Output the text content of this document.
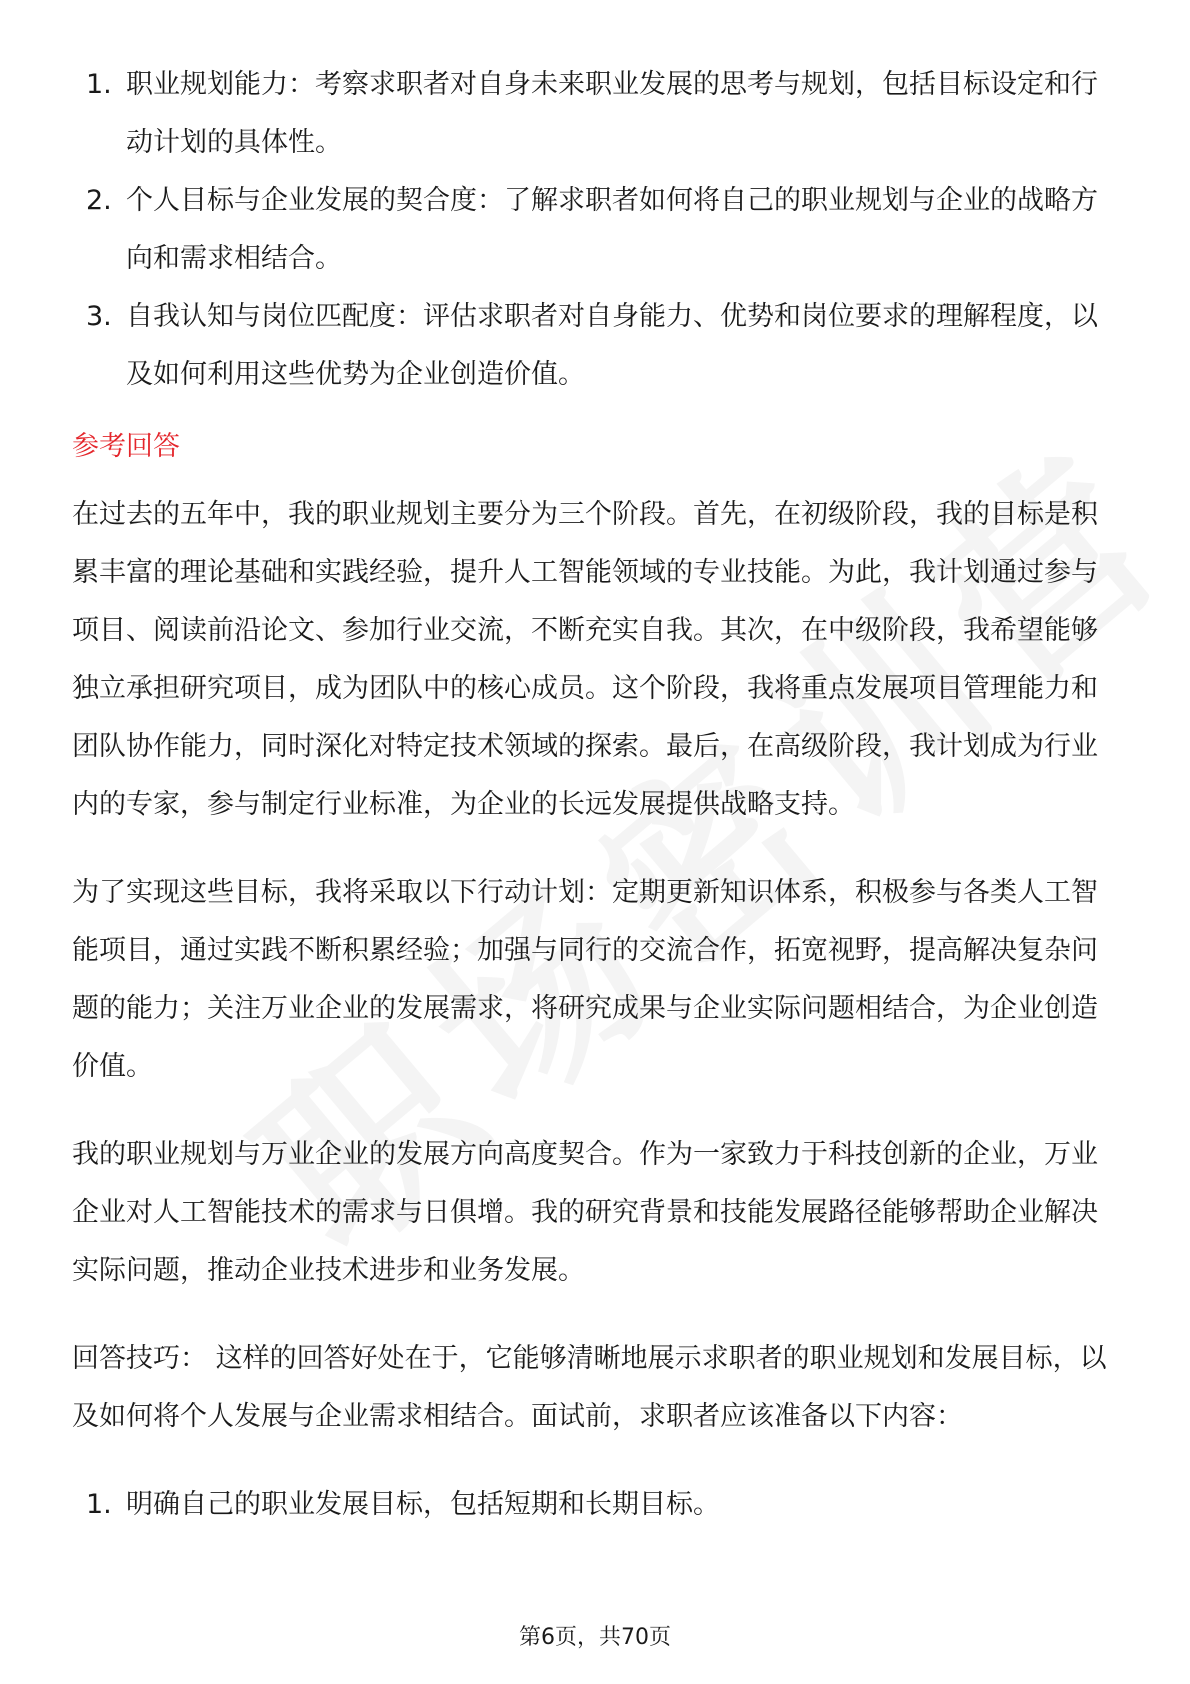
1. 职业规划能力：考察求职者对自身未来职业发展的思考与规划，包括目标设定和行动计划的具体性。
2. 个人目标与企业发展的契合度：了解求职者如何将自己的职业规划与企业的战略方向和需求相结合。
3. 自我认知与岗位匹配度：评估求职者对自身能力、优势和岗位要求的理解程度，以及如何利用这些优势为企业创造价值。
参考回答

在过去的五年中，我的职业规划主要分为三个阶段。首先，在初级阶段，我的目标是积累丰富的理论基础和实践经验，提升人工智能领域的专业技能。为此，我计划通过参与项目、阅读前沿论文、参加行业交流，不断充实自我。其次，在中级阶段，我希望能够独立承担研究项目，成为团队中的核心成员。这个阶段，我将重点发展项目管理能力和团队协作能力，同时深化对特定技术领域的探索。最后，在高级阶段，我计划成为行业内的专家，参与制定行业标准，为企业的长远发展提供战略支持。

为了实现这些目标，我将采取以下行动计划：定期更新知识体系，积极参与各类人工智能项目，通过实践不断积累经验；加强与同行的交流合作，拓宽视野，提高解决复杂问题的能力；关注万业企业的发展需求，将研究成果与企业实际问题相结合，为企业创造价值。

我的职业规划与万业企业的发展方向高度契合。作为一家致力于科技创新的企业，万业企业对人工智能技术的需求与日俱增。我的研究背景和技能发展路径能够帮助企业解决实际问题，推动企业技术进步和业务发展。

回答技巧： 这样的回答好处在于，它能够清晰地展示求职者的职业规划和发展目标，以及如何将个人发展与企业需求相结合。面试前，求职者应该准备以下内容：

1. 明确自己的职业发展目标，包括短期和长期目标。
第6页，共70页
